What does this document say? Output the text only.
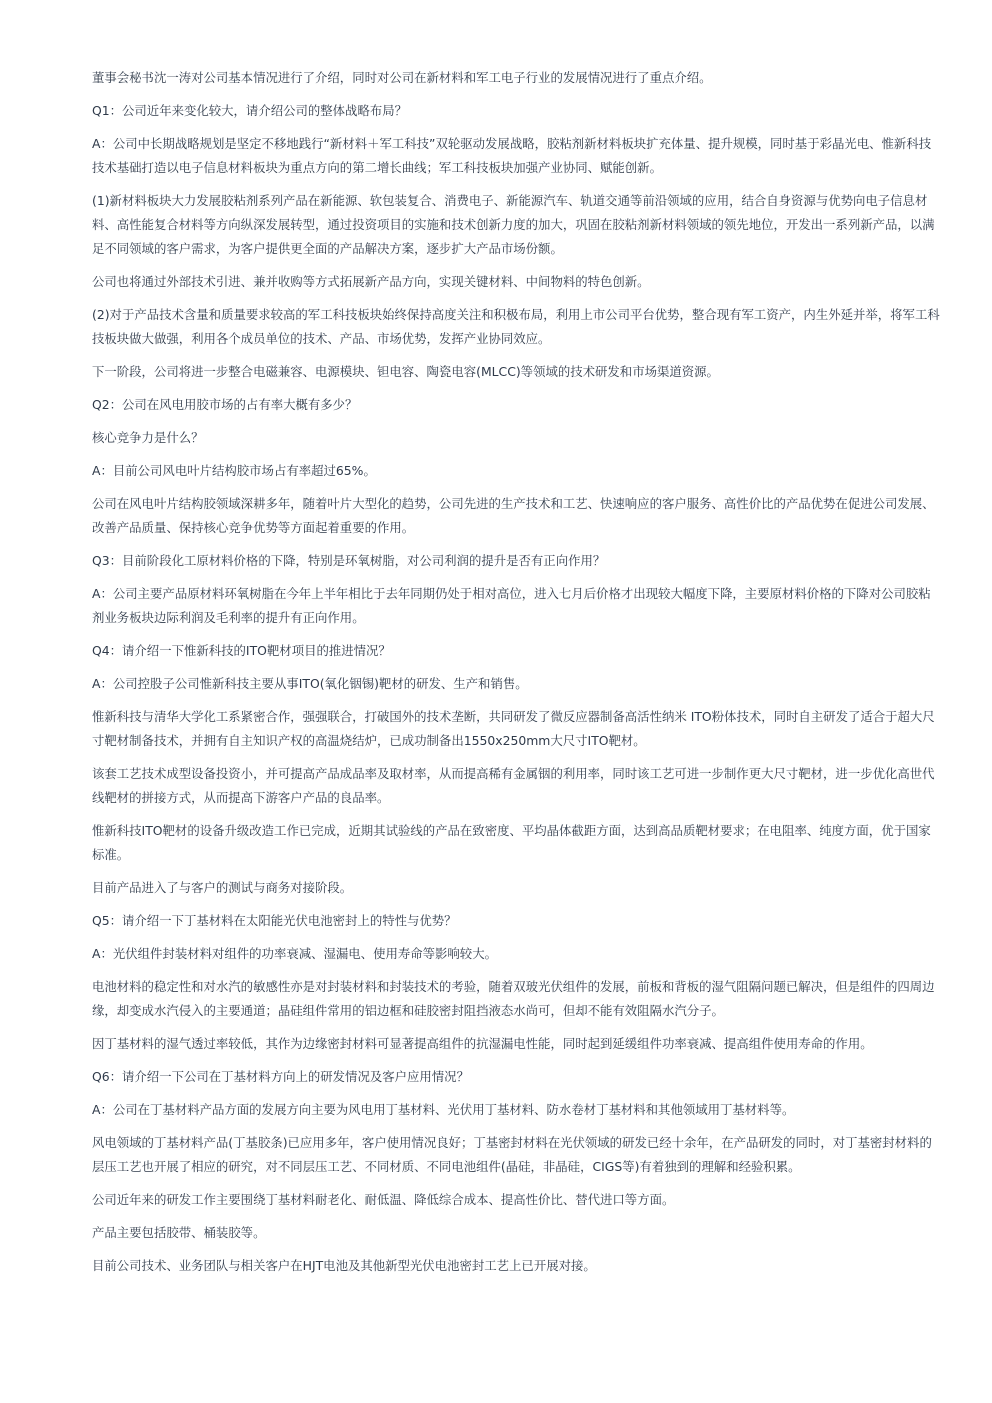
董事会秘书沈一涛对公司基本情况进行了介绍，同时对公司在新材料和军工电子行业的发展情况进行了重点介绍。

Q1：公司近年来变化较大，请介绍公司的整体战略布局？

A：公司中长期战略规划是坚定不移地践行“新材料＋军工科技”双轮驱动发展战略，胶粘剂新材料板块扩充体量、提升规模，同时基于彩晶光电、惟新科技技术基础打造以电子信息材料板块为重点方向的第二增长曲线；军工科技板块加强产业协同、赋能创新。

(1)新材料板块大力发展胶粘剂系列产品在新能源、软包装复合、消费电子、新能源汽车、轨道交通等前沿领域的应用，结合自身资源与优势向电子信息材料、高性能复合材料等方向纵深发展转型，通过投资项目的实施和技术创新力度的加大，巩固在胶粘剂新材料领域的领先地位，开发出一系列新产品，以满足不同领域的客户需求，为客户提供更全面的产品解决方案，逐步扩大产品市场份额。

公司也将通过外部技术引进、兼并收购等方式拓展新产品方向，实现关键材料、中间物料的特色创新。

(2)对于产品技术含量和质量要求较高的军工科技板块始终保持高度关注和积极布局，利用上市公司平台优势，整合现有军工资产，内生外延并举，将军工科技板块做大做强，利用各个成员单位的技术、产品、市场优势，发挥产业协同效应。

下一阶段，公司将进一步整合电磁兼容、电源模块、钽电容、陶瓷电容(MLCC)等领域的技术研发和市场渠道资源。

Q2：公司在风电用胶市场的占有率大概有多少？

核心竞争力是什么？

A：目前公司风电叶片结构胶市场占有率超过65%。

公司在风电叶片结构胶领域深耕多年，随着叶片大型化的趋势，公司先进的生产技术和工艺、快速响应的客户服务、高性价比的产品优势在促进公司发展、改善产品质量、保持核心竞争优势等方面起着重要的作用。

Q3：目前阶段化工原材料价格的下降，特别是环氧树脂，对公司利润的提升是否有正向作用？

A：公司主要产品原材料环氧树脂在今年上半年相比于去年同期仍处于相对高位，进入七月后价格才出现较大幅度下降，主要原材料价格的下降对公司胶粘剂业务板块边际利润及毛利率的提升有正向作用。

Q4：请介绍一下惟新科技的ITO靶材项目的推进情况？

A：公司控股子公司惟新科技主要从事ITO(氧化铟锡)靶材的研发、生产和销售。

惟新科技与清华大学化工系紧密合作，强强联合，打破国外的技术垄断，共同研发了微反应器制备高活性纳米 ITO粉体技术，同时自主研发了适合于超大尺寸靶材制备技术，并拥有自主知识产权的高温烧结炉，已成功制备出1550x250mm大尺寸ITO靶材。

该套工艺技术成型设备投资小，并可提高产品成品率及取材率，从而提高稀有金属铟的利用率，同时该工艺可进一步制作更大尺寸靶材，进一步优化高世代线靶材的拼接方式，从而提高下游客户产品的良品率。

惟新科技ITO靶材的设备升级改造工作已完成，近期其试验线的产品在致密度、平均晶体截距方面，达到高品质靶材要求；在电阻率、纯度方面，优于国家标准。

目前产品进入了与客户的测试与商务对接阶段。

Q5：请介绍一下丁基材料在太阳能光伏电池密封上的特性与优势？

A：光伏组件封装材料对组件的功率衰减、湿漏电、使用寿命等影响较大。

电池材料的稳定性和对水汽的敏感性亦是对封装材料和封装技术的考验，随着双玻光伏组件的发展，前板和背板的湿气阻隔问题已解决，但是组件的四周边缘，却变成水汽侵入的主要通道；晶硅组件常用的铝边框和硅胶密封阻挡液态水尚可，但却不能有效阻隔水汽分子。

因丁基材料的湿气透过率较低，其作为边缘密封材料可显著提高组件的抗湿漏电性能，同时起到延缓组件功率衰减、提高组件使用寿命的作用。

Q6：请介绍一下公司在丁基材料方向上的研发情况及客户应用情况？

A：公司在丁基材料产品方面的发展方向主要为风电用丁基材料、光伏用丁基材料、防水卷材丁基材料和其他领域用丁基材料等。

风电领域的丁基材料产品(丁基胶条)已应用多年，客户使用情况良好；丁基密封材料在光伏领域的研发已经十余年，在产品研发的同时，对丁基密封材料的层压工艺也开展了相应的研究，对不同层压工艺、不同材质、不同电池组件(晶硅，非晶硅，CIGS等)有着独到的理解和经验积累。

公司近年来的研发工作主要围绕丁基材料耐老化、耐低温、降低综合成本、提高性价比、替代进口等方面。

产品主要包括胶带、桶装胶等。

目前公司技术、业务团队与相关客户在HJT电池及其他新型光伏电池密封工艺上已开展对接。
